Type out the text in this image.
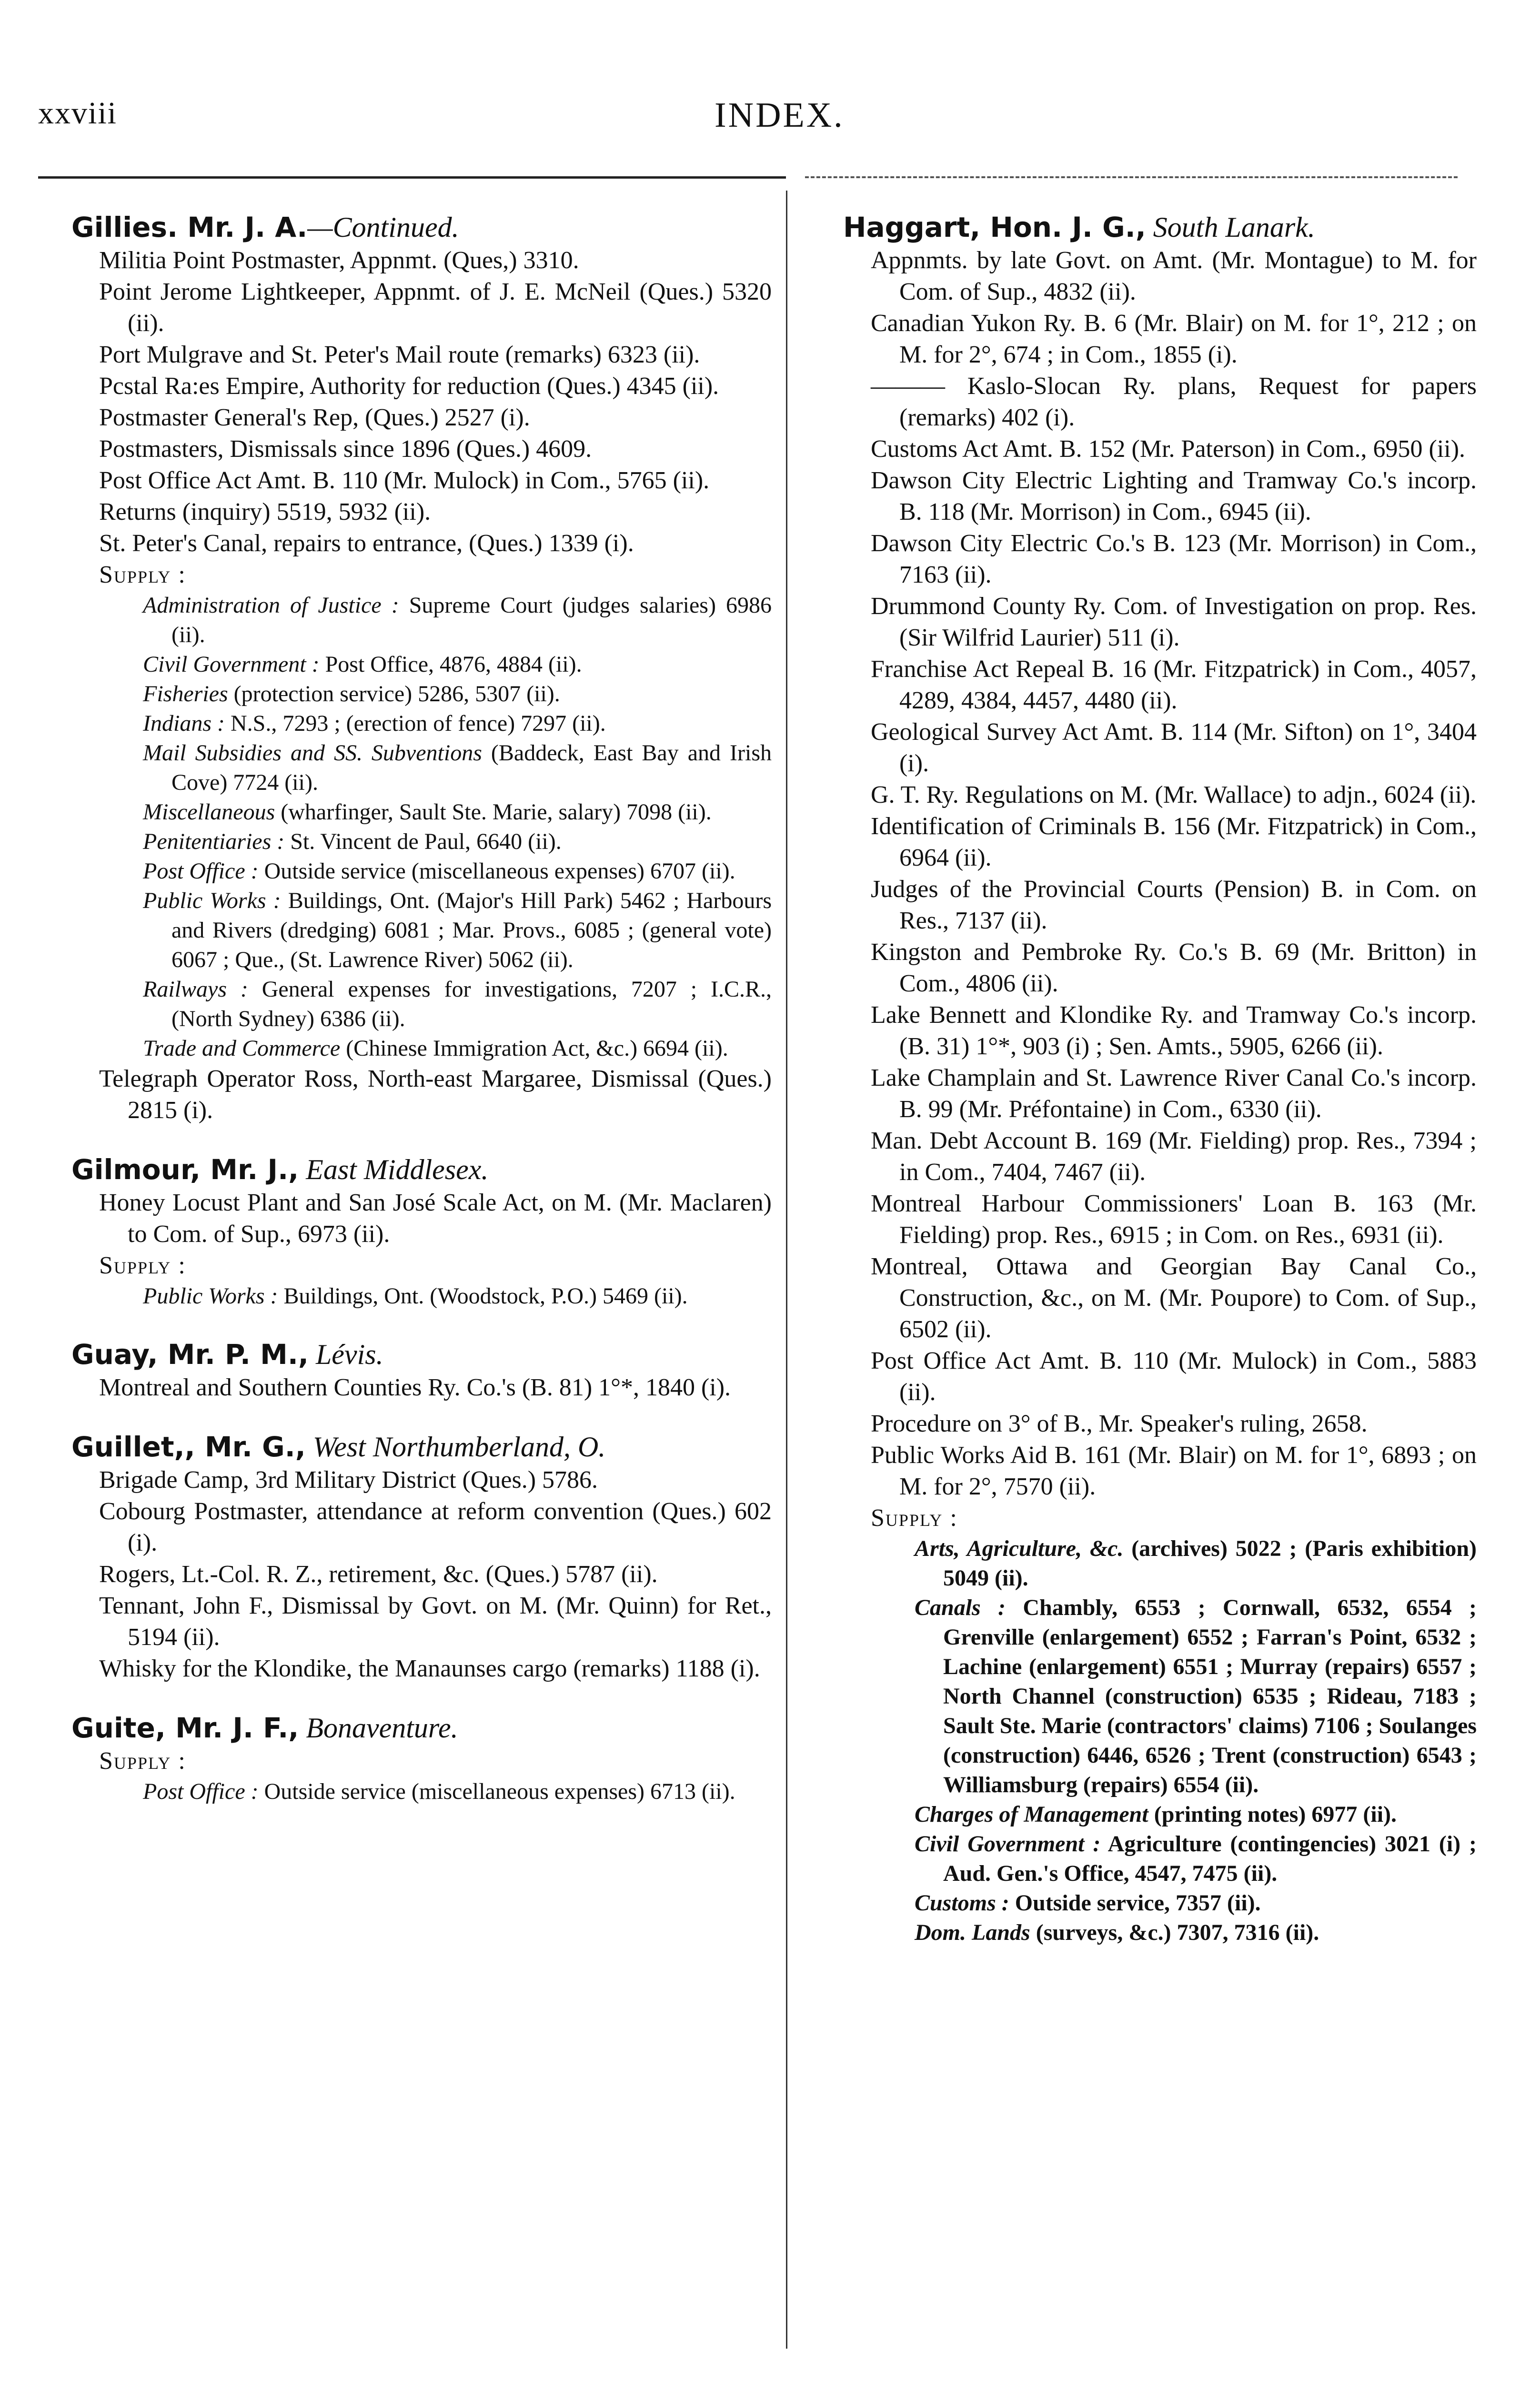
xxviii	INDEX.
Gillies. Mr. J. A.—Continued.
Militia Point Postmaster, Appnmt. (Ques,) 3310.
Point Jerome Lightkeeper, Appnmt. of J. E. McNeil (Ques.) 5320 (ii).
Port Mulgrave and St. Peter's Mail route (remarks) 6323 (ii).
Pcstal Ra:es Empire, Authority for reduction (Ques.) 4345 (ii).
Postmaster General's Rep, (Ques.) 2527 (i).
Postmasters, Dismissals since 1896 (Ques.) 4609.
Post Office Act Amt. B. 110 (Mr. Mulock) in Com., 5765 (ii).
Returns (inquiry) 5519, 5932 (ii).
St. Peter's Canal, repairs to entrance, (Ques.) 1339 (i).
Supply :
Administration of Justice : Supreme Court (judges salaries) 6986 (ii).
Civil Government : Post Office, 4876, 4884 (ii).
Fisheries (protection service) 5286, 5307 (ii).
Indians : N.S., 7293 ; (erection of fence) 7297 (ii).
Mail Subsidies and SS. Subventions (Baddeck, East Bay and Irish Cove) 7724 (ii).
Miscellaneous (wharfinger, Sault Ste. Marie, salary) 7098 (ii).
Penitentiaries : St. Vincent de Paul, 6640 (ii).
Post Office : Outside service (miscellaneous expenses) 6707 (ii).
Public Works : Buildings, Ont. (Major's Hill Park) 5462 ; Harbours and Rivers (dredging) 6081 ; Mar. Provs., 6085 ; (general vote) 6067 ; Que., (St. Lawrence River) 5062 (ii).
Railways : General expenses for investigations, 7207 ; I.C.R., (North Sydney) 6386 (ii).
Trade and Commerce (Chinese Immigration Act, &c.) 6694 (ii).
Telegraph Operator Ross, North-east Margaree, Dismissal (Ques.) 2815 (i).
Gilmour, Mr. J., East Middlesex.
Honey Locust Plant and San José Scale Act, on M. (Mr. Maclaren) to Com. of Sup., 6973 (ii).
Supply :
Public Works : Buildings, Ont. (Woodstock, P.O.) 5469 (ii).
Guay, Mr. P. M., Lévis.
Montreal and Southern Counties Ry. Co.'s (B. 81) 1°*, 1840 (i).
Guillet,, Mr. G., West Northumberland, O.
Brigade Camp, 3rd Military District (Ques.) 5786.
Cobourg Postmaster, attendance at reform convention (Ques.) 602 (i).
Rogers, Lt.-Col. R. Z., retirement, &c. (Ques.) 5787 (ii).
Tennant, John F., Dismissal by Govt. on M. (Mr. Quinn) for Ret., 5194 (ii).
Whisky for the Klondike, the Manaunses cargo (remarks) 1188 (i).
Guite, Mr. J. F., Bonaventure.
Supply :
Post Office : Outside service (miscellaneous expenses) 6713 (ii).
Haggart, Hon. J. G., South Lanark.
Appnmts. by late Govt. on Amt. (Mr. Montague) to M. for Com. of Sup., 4832 (ii).
Canadian Yukon Ry. B. 6 (Mr. Blair) on M. for 1°, 212 ; on M. for 2°, 674 ; in Com., 1855 (i).
——— Kaslo-Slocan Ry. plans, Request for papers (remarks) 402 (i).
Customs Act Amt. B. 152 (Mr. Paterson) in Com., 6950 (ii).
Dawson City Electric Lighting and Tramway Co.'s incorp. B. 118 (Mr. Morrison) in Com., 6945 (ii).
Dawson City Electric Co.'s B. 123 (Mr. Morrison) in Com., 7163 (ii).
Drummond County Ry. Com. of Investigation on prop. Res. (Sir Wilfrid Laurier) 511 (i).
Franchise Act Repeal B. 16 (Mr. Fitzpatrick) in Com., 4057, 4289, 4384, 4457, 4480 (ii).
Geological Survey Act Amt. B. 114 (Mr. Sifton) on 1°, 3404 (i).
G. T. Ry. Regulations on M. (Mr. Wallace) to adjn., 6024 (ii).
Identification of Criminals B. 156 (Mr. Fitzpatrick) in Com., 6964 (ii).
Judges of the Provincial Courts (Pension) B. in Com. on Res., 7137 (ii).
Kingston and Pembroke Ry. Co.'s B. 69 (Mr. Britton) in Com., 4806 (ii).
Lake Bennett and Klondike Ry. and Tramway Co.'s incorp. (B. 31) 1°*, 903 (i) ; Sen. Amts., 5905, 6266 (ii).
Lake Champlain and St. Lawrence River Canal Co.'s incorp. B. 99 (Mr. Préfontaine) in Com., 6330 (ii).
Man. Debt Account B. 169 (Mr. Fielding) prop. Res., 7394 ; in Com., 7404, 7467 (ii).
Montreal Harbour Commissioners' Loan B. 163 (Mr. Fielding) prop. Res., 6915 ; in Com. on Res., 6931 (ii).
Montreal, Ottawa and Georgian Bay Canal Co., Construction, &c., on M. (Mr. Poupore) to Com. of Sup., 6502 (ii).
Post Office Act Amt. B. 110 (Mr. Mulock) in Com., 5883 (ii).
Procedure on 3° of B., Mr. Speaker's ruling, 2658.
Public Works Aid B. 161 (Mr. Blair) on M. for 1°, 6893 ; on M. for 2°, 7570 (ii).
Supply :
Arts, Agriculture, &c. (archives) 5022 ; (Paris exhibition) 5049 (ii).
Canals : Chambly, 6553 ; Cornwall, 6532, 6554 ; Grenville (enlargement) 6552 ; Farran's Point, 6532 ; Lachine (enlargement) 6551 ; Murray (repairs) 6557 ; North Channel (construction) 6535 ; Rideau, 7183 ; Sault Ste. Marie (contractors' claims) 7106 ; Soulanges (construction) 6446, 6526 ; Trent (construction) 6543 ; Williamsburg (repairs) 6554 (ii).
Charges of Management (printing notes) 6977 (ii).
Civil Government : Agriculture (contingencies) 3021 (i) ; Aud. Gen.'s Office, 4547, 7475 (ii).
Customs : Outside service, 7357 (ii).
Dom. Lands (surveys, &c.) 7307, 7316 (ii).
